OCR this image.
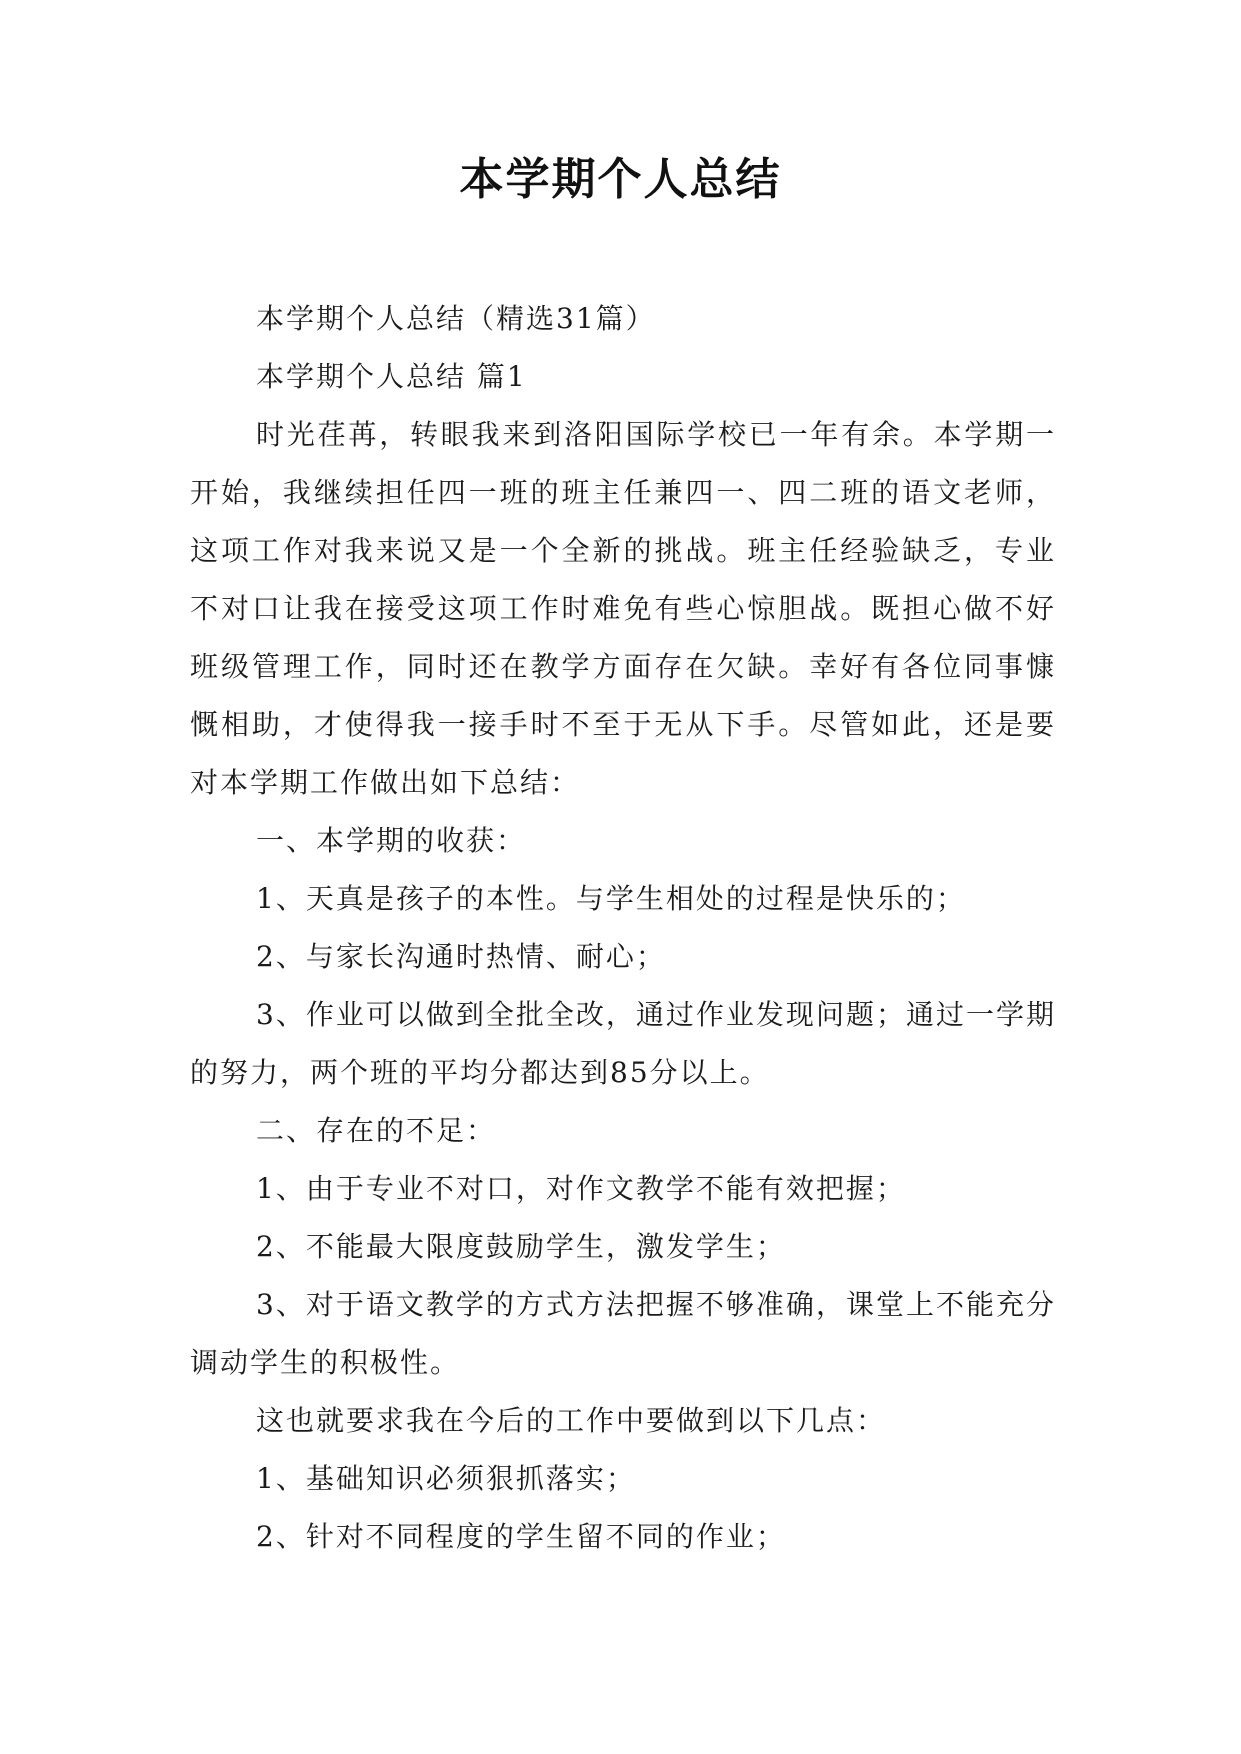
本学期个人总结

本学期个人总结（精选31篇）

本学期个人总结 篇1

时光荏苒，转眼我来到洛阳国际学校已一年有余。本学期一开始，我继续担任四一班的班主任兼四一、四二班的语文老师，这项工作对我来说又是一个全新的挑战。班主任经验缺乏，专业不对口让我在接受这项工作时难免有些心惊胆战。既担心做不好班级管理工作，同时还在教学方面存在欠缺。幸好有各位同事慷慨相助，才使得我一接手时不至于无从下手。尽管如此，还是要对本学期工作做出如下总结：

一、本学期的收获：

1、天真是孩子的本性。与学生相处的过程是快乐的；

2、与家长沟通时热情、耐心；

3、作业可以做到全批全改，通过作业发现问题；通过一学期的努力，两个班的平均分都达到85分以上。

二、存在的不足：

1、由于专业不对口，对作文教学不能有效把握；

2、不能最大限度鼓励学生，激发学生；

3、对于语文教学的方式方法把握不够准确，课堂上不能充分调动学生的积极性。

这也就要求我在今后的工作中要做到以下几点：

1、基础知识必须狠抓落实；

2、针对不同程度的学生留不同的作业；
